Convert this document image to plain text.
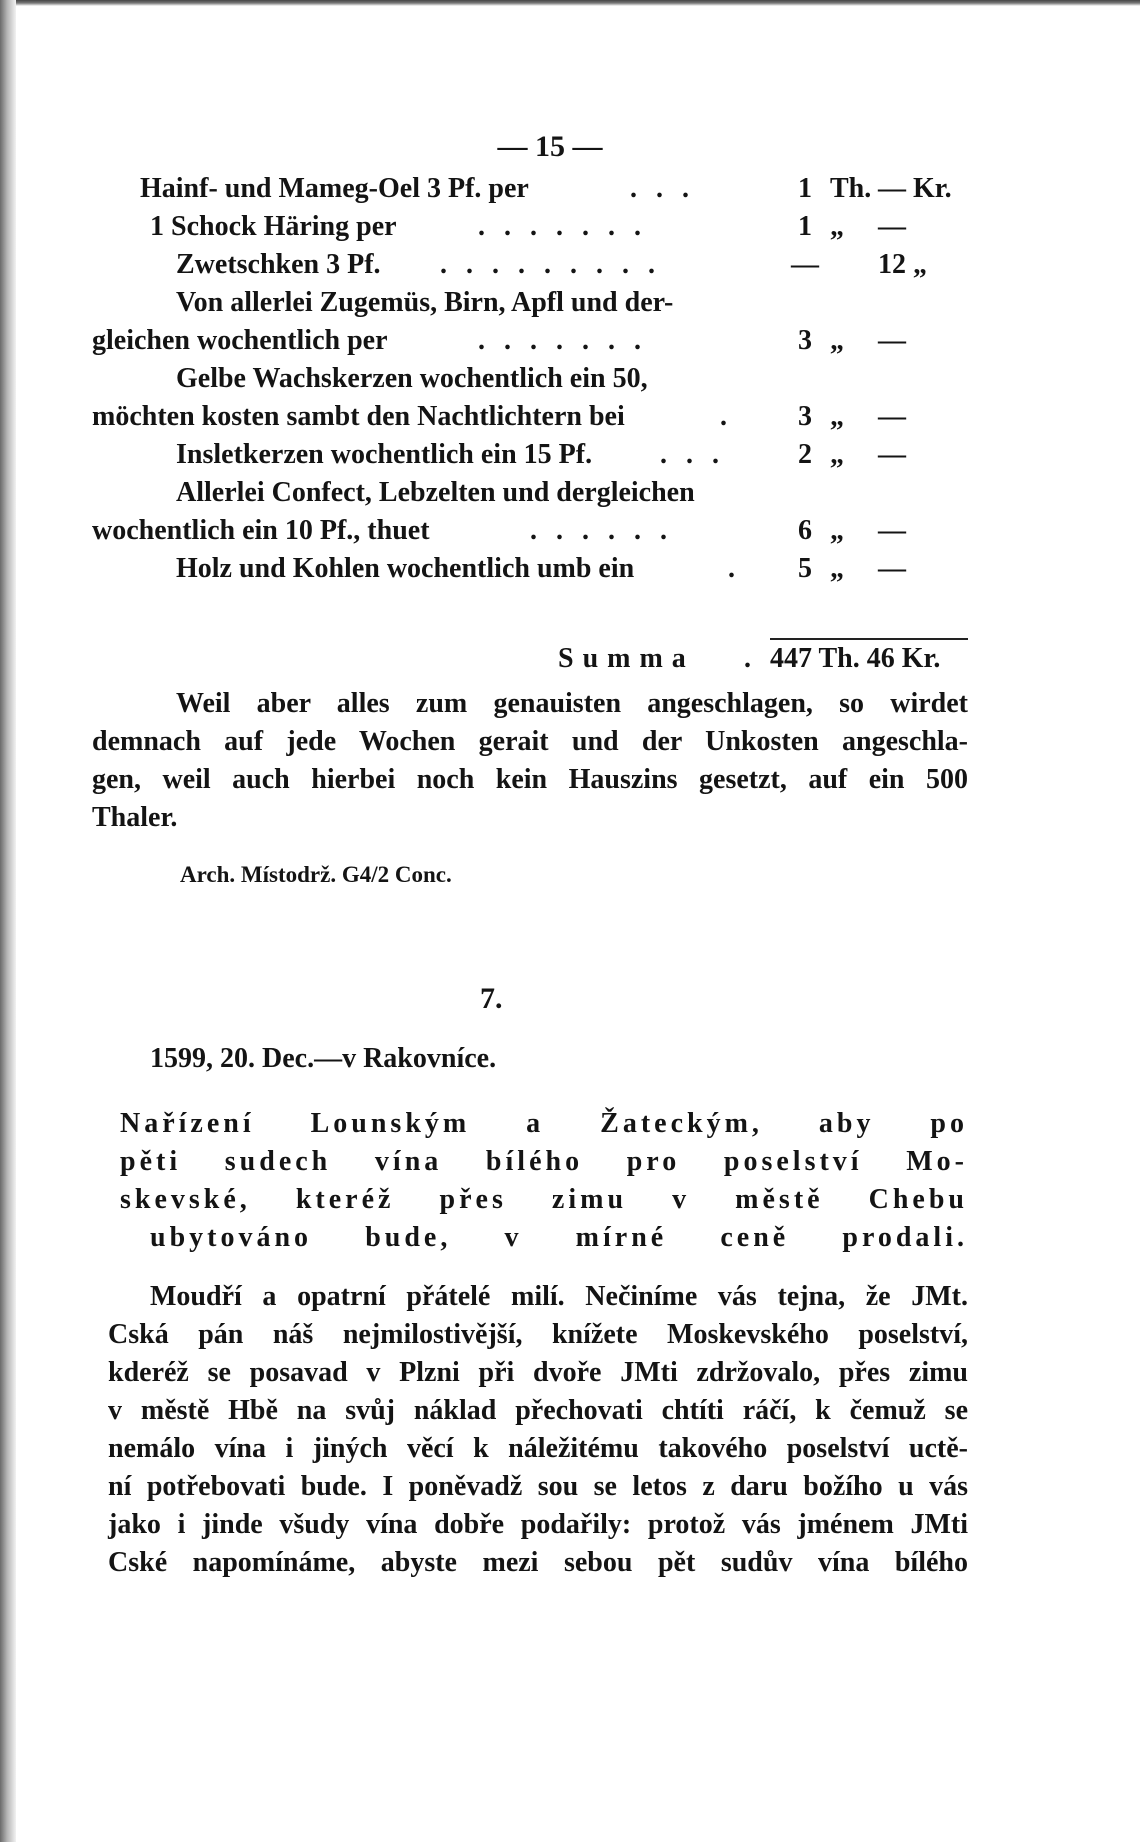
— 15 —
Hainf- und Mameg-Oel 3 Pf. per	. . .	1 Th. — Kr.
1 Schock Häring per	. . . . . . .	1 „	—
Zwetschken 3 Pf. . . . . . . . . .	— 12 „
Von allerlei Zugemüs, Birn, Apfl und der-
gleichen wochentlich per	. . . . . . .	3 „	—
Gelbe Wachskerzen wochentlich ein 50,
möchten kosten sambt den Nachtlichtern bei	. 3 „	—
Insletkerzen wochentlich ein 15 Pf. . . .	2 „	—
Allerlei Confect, Lebzelten und dergleichen
wochentlich ein 10 Pf., thuet	. . . . . .	6 „	—
Holz und Kohlen wochentlich umb ein	. 5 „	—
Summa . 447 Th. 46 Kr.
Weil aber alles zum genauisten angeschlagen, so wirdet
demnach auf jede Wochen gerait und der Unkosten angeschla-
gen, weil auch hierbei noch kein Hauszins gesetzt, auf ein 500
Thaler.
Arch. Místodrž. G4/2 Conc.
7.
1599, 20. Dec.—v Rakovníce.
Nařízení Lounským a Žateckým, aby po
pěti sudech vína bílého pro poselství Mo-
skevské, kteréž přes zimu v městě Chebu
ubytováno bude, v mírné ceně prodali.
Moudří a opatrní přátelé milí. Nečiníme vás tejna, že JMt.
Cská pán náš nejmilostivější, knížete Moskevského poselství,
kderéž se posavad v Plzni při dvoře JMti zdržovalo, přes zimu
v městě Hbě na svůj náklad přechovati chtíti ráčí, k čemuž se
nemálo vína i jiných věcí k náležitému takového poselství uctě-
ní potřebovati bude. I poněvadž sou se letos z daru božího u vás
jako i jinde všudy vína dobře podařily: protož vás jménem JMti
Cské napomínáme, abyste mezi sebou pět sudův vína bílého
